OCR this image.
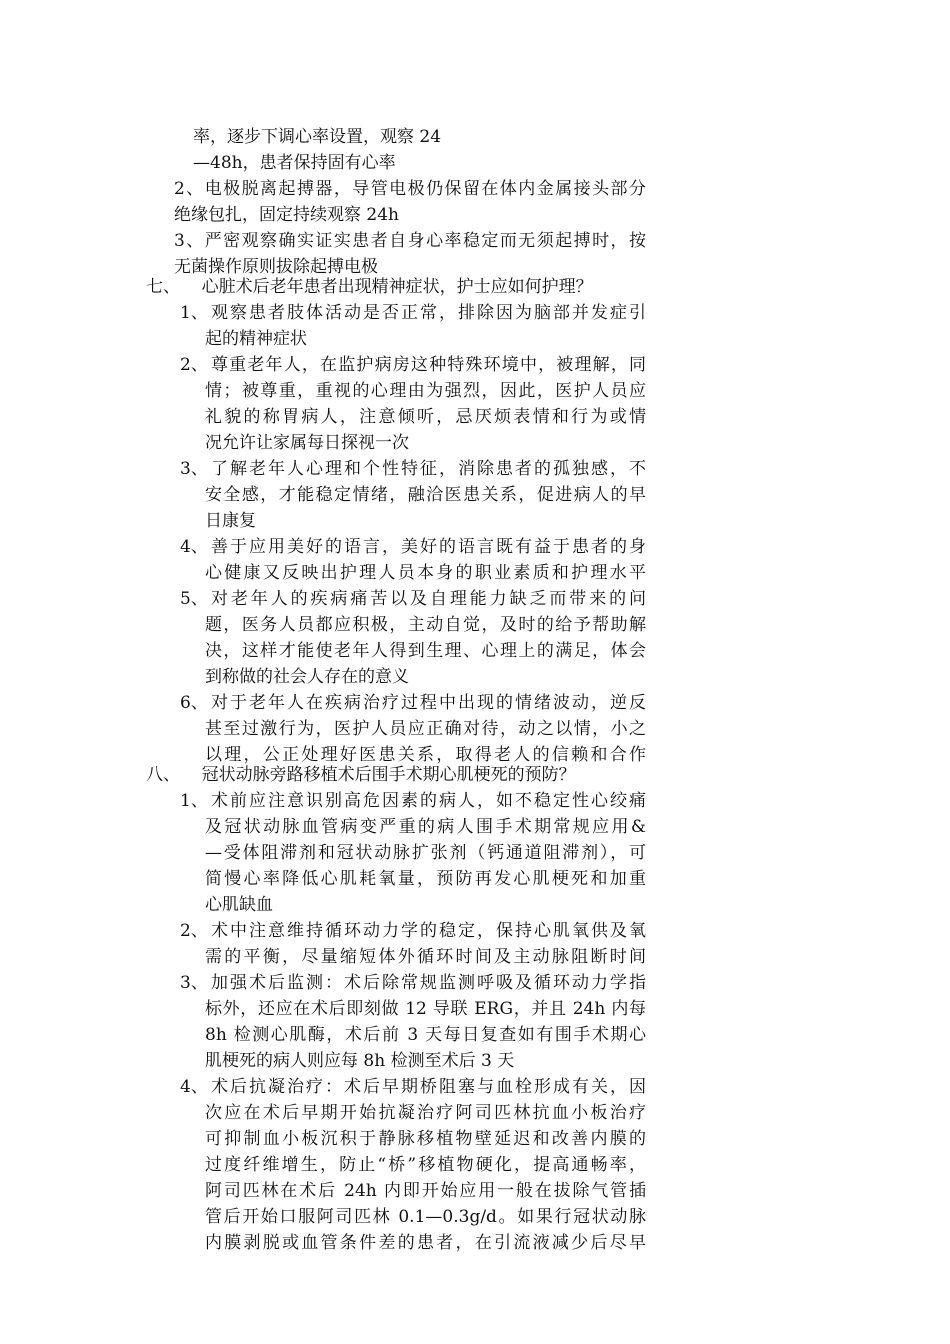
率，逐步下调心率设置，观察 24
—48h，患者保持固有心率
2、电极脱离起搏器，导管电极仍保留在体内金属接头部分
绝缘包扎，固定持续观察 24h
3、严密观察确实证实患者自身心率稳定而无须起搏时，按
无菌操作原则拔除起搏电极
七、    心脏术后老年患者出现精神症状，护士应如何护理？
1、 观察患者肢体活动是否正常，排除因为脑部并发症引
起的精神症状
2、 尊重老年人，在监护病房这种特殊环境中，被理解，同
情；被尊重，重视的心理由为强烈，因此，医护人员应
礼貌的称胃病人，注意倾听，忌厌烦表情和行为或情
况允许让家属每日探视一次
3、 了解老年人心理和个性特征，消除患者的孤独感，不
安全感，才能稳定情绪，融洽医患关系，促进病人的早
日康复
4、 善于应用美好的语言，美好的语言既有益于患者的身
心健康又反映出护理人员本身的职业素质和护理水平
5、 对老年人的疾病痛苦以及自理能力缺乏而带来的问
题，医务人员都应积极，主动自觉，及时的给予帮助解
决，这样才能使老年人得到生理、心理上的满足，体会
到称做的社会人存在的意义
6、 对于老年人在疾病治疗过程中出现的情绪波动，逆反
甚至过激行为，医护人员应正确对待，动之以情，小之
以理，公正处理好医患关系，取得老人的信赖和合作
八、    冠状动脉旁路移植术后围手术期心肌梗死的预防？
1、 术前应注意识别高危因素的病人，如不稳定性心绞痛
及冠状动脉血管病变严重的病人围手术期常规应用&
—受体阻滞剂和冠状动脉扩张剂（钙通道阻滞剂），可
简慢心率降低心肌耗氧量，预防再发心肌梗死和加重
心肌缺血
2、 术中注意维持循环动力学的稳定，保持心肌氧供及氧
需的平衡，尽量缩短体外循环时间及主动脉阻断时间
3、 加强术后监测：术后除常规监测呼吸及循环动力学指
标外，还应在术后即刻做 12 导联 ERG，并且 24h 内每
8h 检测心肌酶，术后前 3 天每日复查如有围手术期心
肌梗死的病人则应每 8h 检测至术后 3 天
4、 术后抗凝治疗：术后早期桥阻塞与血栓形成有关，因
次应在术后早期开始抗凝治疗阿司匹林抗血小板治疗
可抑制血小板沉积于静脉移植物壁延迟和改善内膜的
过度纤维增生，防止“桥”移植物硬化，提高通畅率，
阿司匹林在术后 24h 内即开始应用一般在拔除气管插
管后开始口服阿司匹林 0.1—0.3g/d。如果行冠状动脉
内膜剥脱或血管条件差的患者，在引流液减少后尽早
